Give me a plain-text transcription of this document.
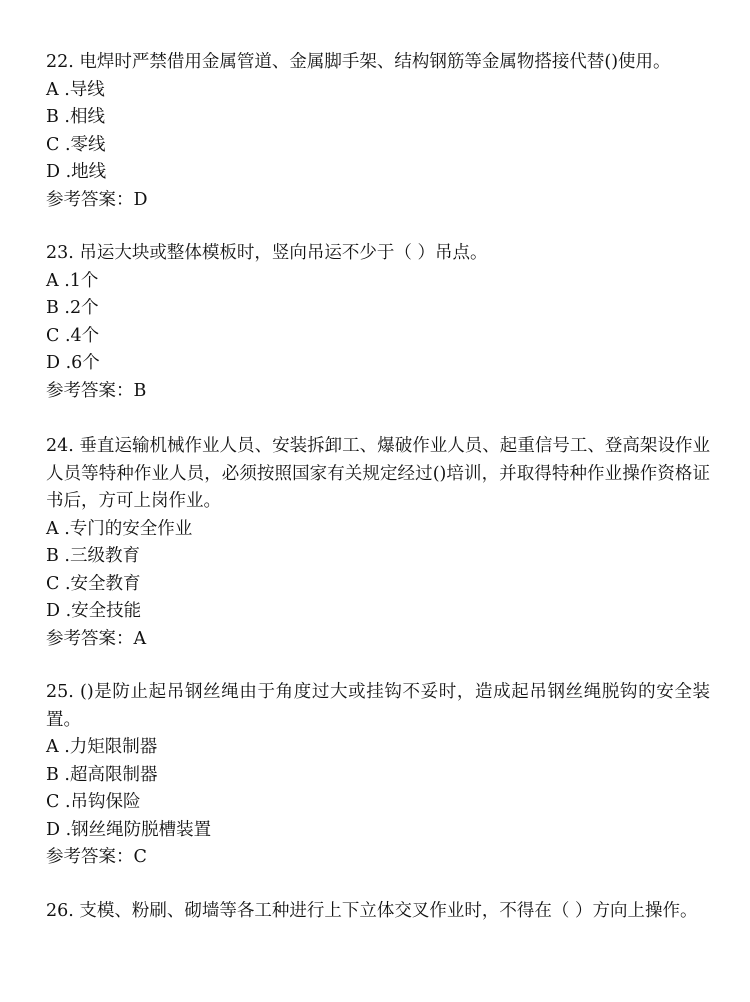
22. 电焊时严禁借用金属管道、金属脚手架、结构钢筋等金属物搭接代替()使用。

A .导线

B .相线

C .零线

D .地线

参考答案：D

23. 吊运大块或整体模板时，竖向吊运不少于（ ）吊点。

A .1个

B .2个

C .4个

D .6个

参考答案：B

24. 垂直运输机械作业人员、安装拆卸工、爆破作业人员、起重信号工、登高架设作业人员等特种作业人员，必须按照国家有关规定经过()培训，并取得特种作业操作资格证书后，方可上岗作业。

A .专门的安全作业

B .三级教育

C .安全教育

D .安全技能

参考答案：A

25. ()是防止起吊钢丝绳由于角度过大或挂钩不妥时，造成起吊钢丝绳脱钩的安全装置。

A .力矩限制器

B .超高限制器

C .吊钩保险

D .钢丝绳防脱槽装置

参考答案：C

26. 支模、粉刷、砌墙等各工种进行上下立体交叉作业时，不得在（ ）方向上操作。
